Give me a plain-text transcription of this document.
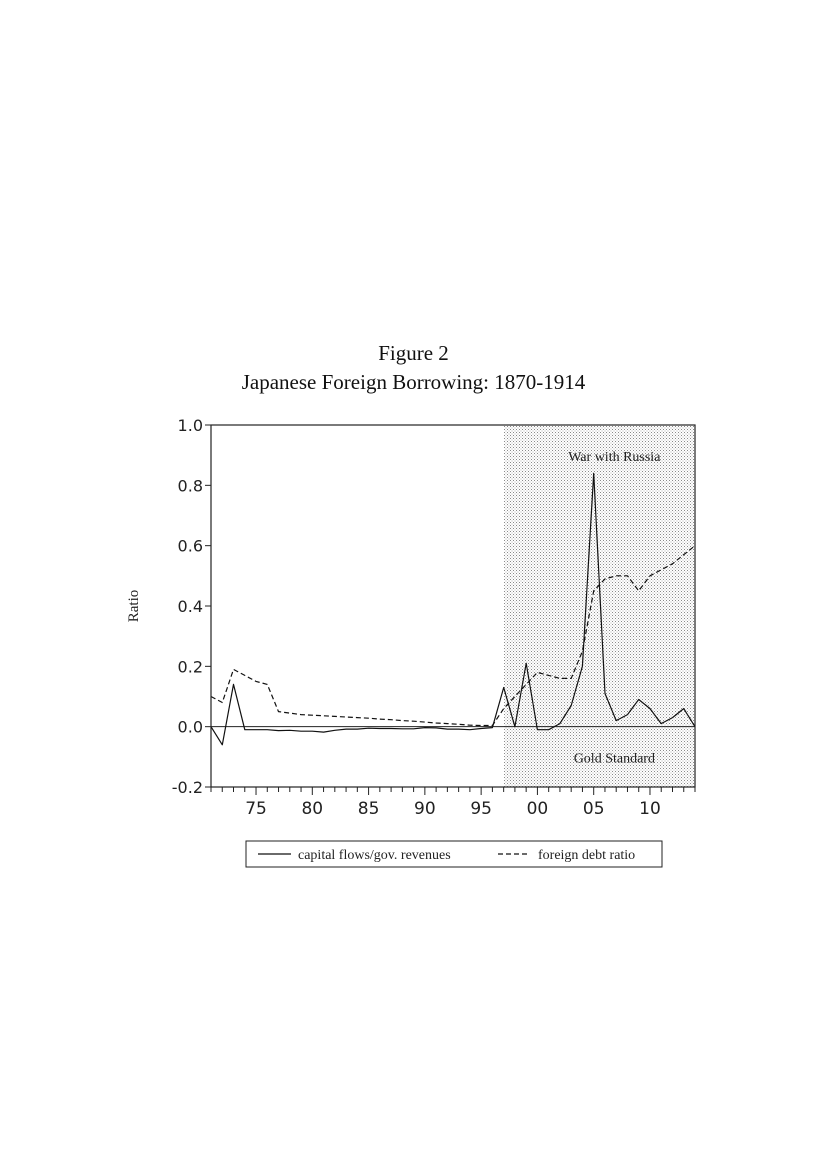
Figure 2
Japanese Foreign Borrowing: 1870-1914
1.0
0.8
0.6
0.4
0.2
0.0
-0.2
75 80 85 90 95 00 05 10
Ratio
War with Russia
Gold Standard
capital flows/gov. revenues	foreign debt ratio
